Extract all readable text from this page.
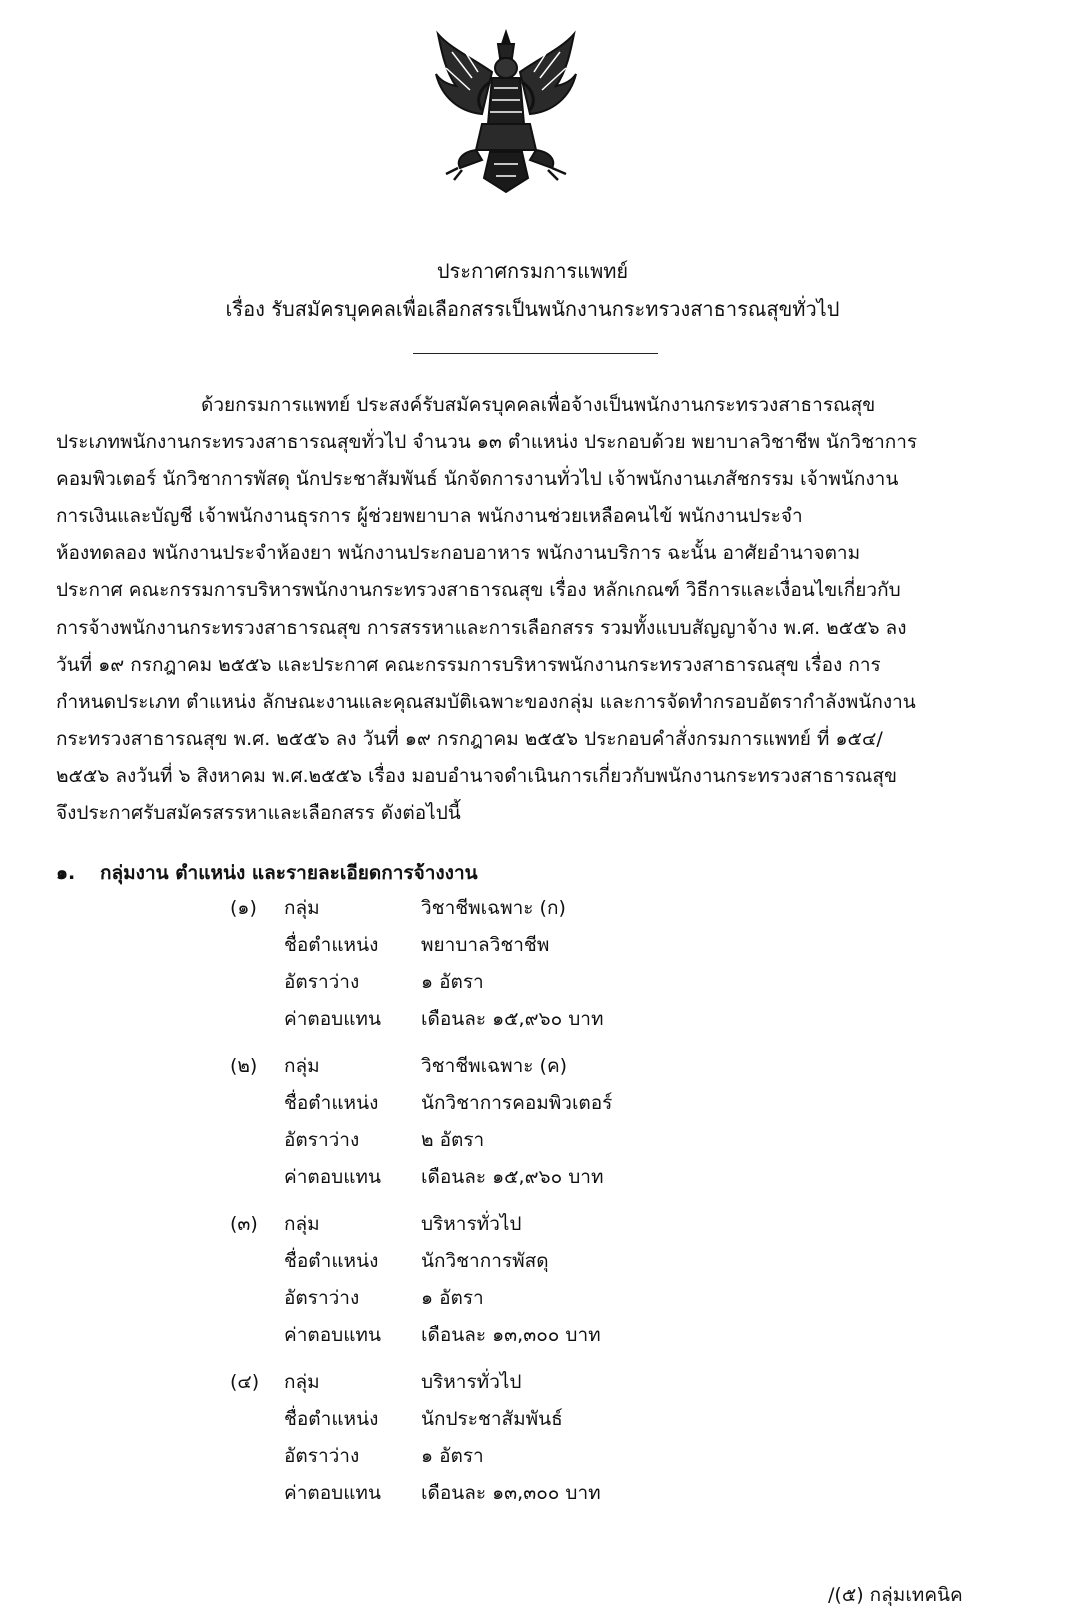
ประกาศกรมการแพทย์
เรื่อง รับสมัครบุคคลเพื่อเลือกสรรเป็นพนักงานกระทรวงสาธารณสุขทั่วไป
ด้วยกรมการแพทย์ ประสงค์รับสมัครบุคคลเพื่อจ้างเป็นพนักงานกระทรวงสาธารณสุข
ประเภทพนักงานกระทรวงสาธารณสุขทั่วไป จำนวน ๑๓ ตำแหน่ง ประกอบด้วย พยาบาลวิชาชีพ นักวิชาการ
คอมพิวเตอร์ นักวิชาการพัสดุ นักประชาสัมพันธ์ นักจัดการงานทั่วไป เจ้าพนักงานเภสัชกรรม เจ้าพนักงาน
การเงินและบัญชี เจ้าพนักงานธุรการ ผู้ช่วยพยาบาล พนักงานช่วยเหลือคนไข้ พนักงานประจำ
ห้องทดลอง พนักงานประจำห้องยา พนักงานประกอบอาหาร พนักงานบริการ ฉะนั้น อาศัยอำนาจตาม
ประกาศ คณะกรรมการบริหารพนักงานกระทรวงสาธารณสุข เรื่อง หลักเกณฑ์ วิธีการและเงื่อนไขเกี่ยวกับ
การจ้างพนักงานกระทรวงสาธารณสุข การสรรหาและการเลือกสรร รวมทั้งแบบสัญญาจ้าง พ.ศ. ๒๕๕๖ ลง
วันที่ ๑๙ กรกฎาคม ๒๕๕๖ และประกาศ คณะกรรมการบริหารพนักงานกระทรวงสาธารณสุข เรื่อง การ
กำหนดประเภท ตำแหน่ง ลักษณะงานและคุณสมบัติเฉพาะของกลุ่ม และการจัดทำกรอบอัตรากำลังพนักงาน
กระทรวงสาธารณสุข พ.ศ. ๒๕๕๖ ลง วันที่ ๑๙ กรกฎาคม ๒๕๕๖ ประกอบคำสั่งกรมการแพทย์ ที่ ๑๕๔/
๒๕๕๖ ลงวันที่ ๖ สิงหาคม พ.ศ.๒๕๕๖ เรื่อง มอบอำนาจดำเนินการเกี่ยวกับพนักงานกระทรวงสาธารณสุข
จึงประกาศรับสมัครสรรหาและเลือกสรร ดังต่อไปนี้
๑. กลุ่มงาน ตำแหน่ง และรายละเอียดการจ้างงาน
(๑) กลุ่ม	วิชาชีพเฉพาะ (ก)
ชื่อตำแหน่ง พยาบาลวิชาชีพ
อัตราว่าง	๑ อัตรา
ค่าตอบแทน เดือนละ ๑๕,๙๖๐ บาท
(๒) กลุ่ม	วิชาชีพเฉพาะ (ค)
ชื่อตำแหน่ง นักวิชาการคอมพิวเตอร์
อัตราว่าง	๒ อัตรา
ค่าตอบแทน เดือนละ ๑๕,๙๖๐ บาท
(๓) กลุ่ม	บริหารทั่วไป
ชื่อตำแหน่ง นักวิชาการพัสดุ
อัตราว่าง	๑ อัตรา
ค่าตอบแทน เดือนละ ๑๓,๓๐๐ บาท
(๔) กลุ่ม	บริหารทั่วไป
ชื่อตำแหน่ง นักประชาสัมพันธ์
อัตราว่าง	๑ อัตรา
ค่าตอบแทน เดือนละ ๑๓,๓๐๐ บาท
/(๕) กลุ่มเทคนิค
